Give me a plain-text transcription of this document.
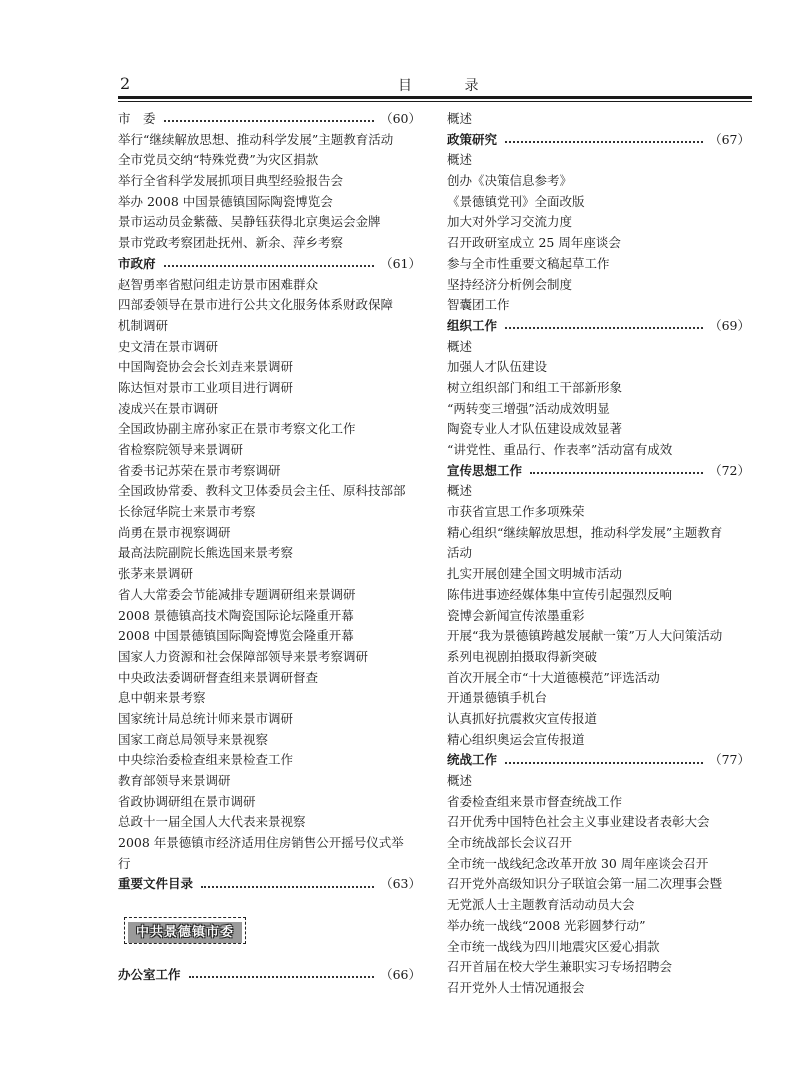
2	目 录
市　委	（60）
举行“继续解放思想、推动科学发展”主题教育活动
全市党员交纳“特殊党费”为灾区捐款
举行全省科学发展抓项目典型经验报告会
举办 2008 中国景德镇国际陶瓷博览会
景市运动员金紫薇、吴静钰获得北京奥运会金牌
景市党政考察团赴抚州、新余、萍乡考察
市政府	（61）
赵智勇率省慰问组走访景市困难群众
四部委领导在景市进行公共文化服务体系财政保障
机制调研
史文清在景市调研
中国陶瓷协会会长刘垚来景调研
陈达恒对景市工业项目进行调研
凌成兴在景市调研
全国政协副主席孙家正在景市考察文化工作
省检察院领导来景调研
省委书记苏荣在景市考察调研
全国政协常委、教科文卫体委员会主任、原科技部部
长徐冠华院士来景市考察
尚勇在景市视察调研
最高法院副院长熊选国来景考察
张茅来景调研
省人大常委会节能减排专题调研组来景调研
2008 景德镇高技术陶瓷国际论坛隆重开幕
2008 中国景德镇国际陶瓷博览会隆重开幕
国家人力资源和社会保障部领导来景考察调研
中央政法委调研督查组来景调研督查
息中朝来景考察
国家统计局总统计师来景市调研
国家工商总局领导来景视察
中央综治委检查组来景检查工作
教育部领导来景调研
省政协调研组在景市调研
总政十一届全国人大代表来景视察
2008 年景德镇市经济适用住房销售公开摇号仪式举
行
重要文件目录	（63）
中共景德镇市委
办公室工作	（66）
概述
政策研究	（67）
概述
创办《决策信息参考》
《景德镇党刊》全面改版
加大对外学习交流力度
召开政研室成立 25 周年座谈会
参与全市性重要文稿起草工作
坚持经济分析例会制度
智囊团工作
组织工作	（69）
概述
加强人才队伍建设
树立组织部门和组工干部新形象
“两转变三增强”活动成效明显
陶瓷专业人才队伍建设成效显著
“讲党性、重品行、作表率”活动富有成效
宣传思想工作	（72）
概述
市获省宣思工作多项殊荣
精心组织“继续解放思想，推动科学发展”主题教育
活动
扎实开展创建全国文明城市活动
陈伟进事迹经媒体集中宣传引起强烈反响
瓷博会新闻宣传浓墨重彩
开展“我为景德镇跨越发展献一策”万人大问策活动
系列电视剧拍摄取得新突破
首次开展全市“十大道德模范”评选活动
开通景德镇手机台
认真抓好抗震救灾宣传报道
精心组织奥运会宣传报道
统战工作	（77）
概述
省委检查组来景市督查统战工作
召开优秀中国特色社会主义事业建设者表彰大会
全市统战部长会议召开
全市统一战线纪念改革开放 30 周年座谈会召开
召开党外高级知识分子联谊会第一届二次理事会暨
无党派人士主题教育活动动员大会
举办统一战线“2008 光彩圆梦行动”
全市统一战线为四川地震灾区爱心捐款
召开首届在校大学生兼职实习专场招聘会
召开党外人士情况通报会
